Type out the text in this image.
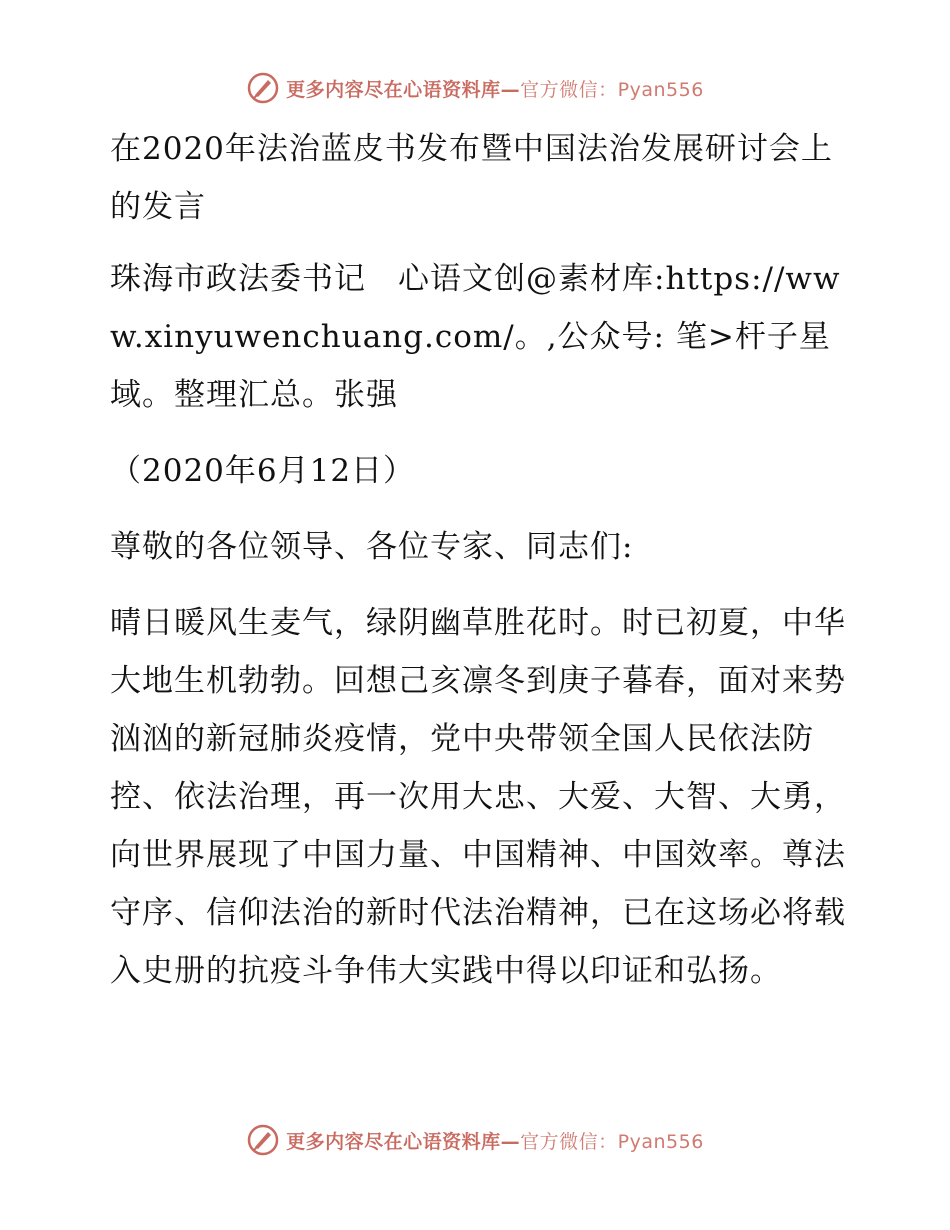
更多内容尽在心语资料库—官方微信：Pyan556

在2020年法治蓝皮书发布暨中国法治发展研讨会上的发言

珠海市政法委书记　心语文创@素材库:https://www.xinyuwenchuang.com/。,公众号: 笔>杆子星域。整理汇总。张强

（2020年6月12日）

尊敬的各位领导、各位专家、同志们:

晴日暖风生麦气，绿阴幽草胜花时。时已初夏，中华大地生机勃勃。回想己亥凛冬到庚子暮春，面对来势汹汹的新冠肺炎疫情，党中央带领全国人民依法防控、依法治理，再一次用大忠、大爱、大智、大勇，向世界展现了中国力量、中国精神、中国效率。尊法守序、信仰法治的新时代法治精神，已在这场必将载入史册的抗疫斗争伟大实践中得以印证和弘扬。

更多内容尽在心语资料库—官方微信：Pyan556
